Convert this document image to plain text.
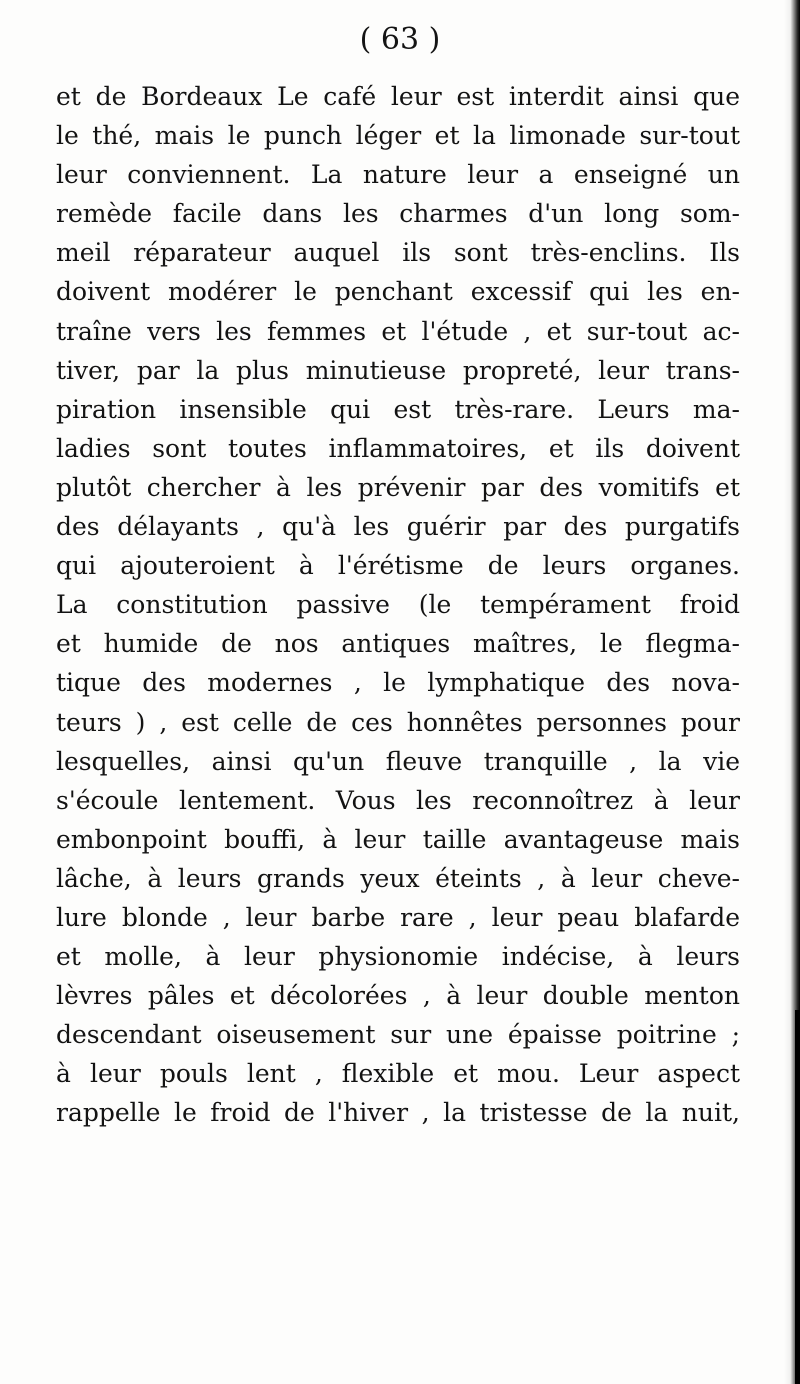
( 63 )
et de Bordeaux Le café leur est interdit ainsi que
le thé, mais le punch léger et la limonade sur-tout
leur conviennent. La nature leur a enseigné un
remède facile dans les charmes d'un long som-
meil réparateur auquel ils sont très-enclins. Ils
doivent modérer le penchant excessif qui les en-
traîne vers les femmes et l'étude , et sur-tout ac-
tiver, par la plus minutieuse propreté, leur trans-
piration insensible qui est très-rare. Leurs ma-
ladies sont toutes inflammatoires, et ils doivent
plutôt chercher à les prévenir par des vomitifs et
des délayants , qu'à les guérir par des purgatifs
qui ajouteroient à l'érétisme de leurs organes.
La constitution passive (le tempérament froid
et humide de nos antiques maîtres, le flegma-
tique des modernes , le lymphatique des nova-
teurs ) , est celle de ces honnêtes personnes pour
lesquelles, ainsi qu'un fleuve tranquille , la vie
s'écoule lentement. Vous les reconnoîtrez à leur
embonpoint bouffi, à leur taille avantageuse mais
lâche, à leurs grands yeux éteints , à leur cheve-
lure blonde , leur barbe rare , leur peau blafarde
et molle, à leur physionomie indécise, à leurs
lèvres pâles et décolorées , à leur double menton
descendant oiseusement sur une épaisse poitrine ;
à leur pouls lent , flexible et mou. Leur aspect
rappelle le froid de l'hiver , la tristesse de la nuit,
